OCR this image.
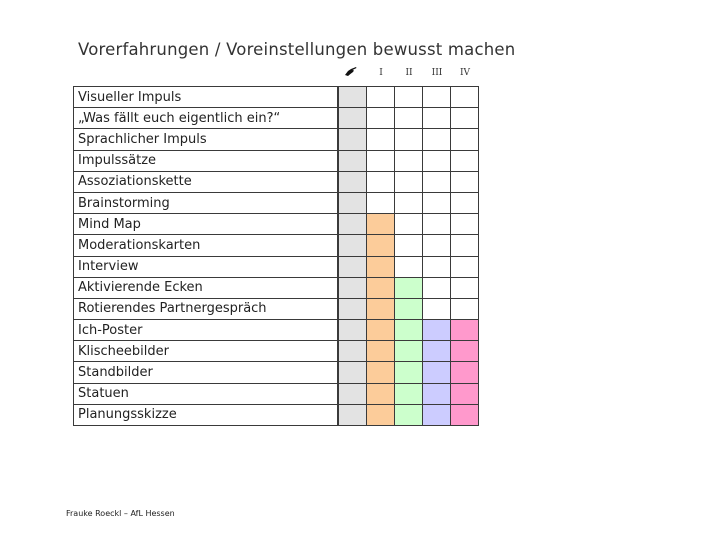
Vorerfahrungen / Voreinstellungen bewusst machen
I	II	III	IV
Visueller Impuls						
„Was fällt euch eigentlich ein?“						
Sprachlicher Impuls						
Impulssätze						
Assoziationskette						
Brainstorming						
Mind Map						
Moderationskarten						
Interview						
Aktivierende Ecken						
Rotierendes Partnergespräch						
Ich-Poster						
Klischeebilder						
Standbilder						
Statuen						
Planungsskizze						
Frauke Roeckl – AfL Hessen
